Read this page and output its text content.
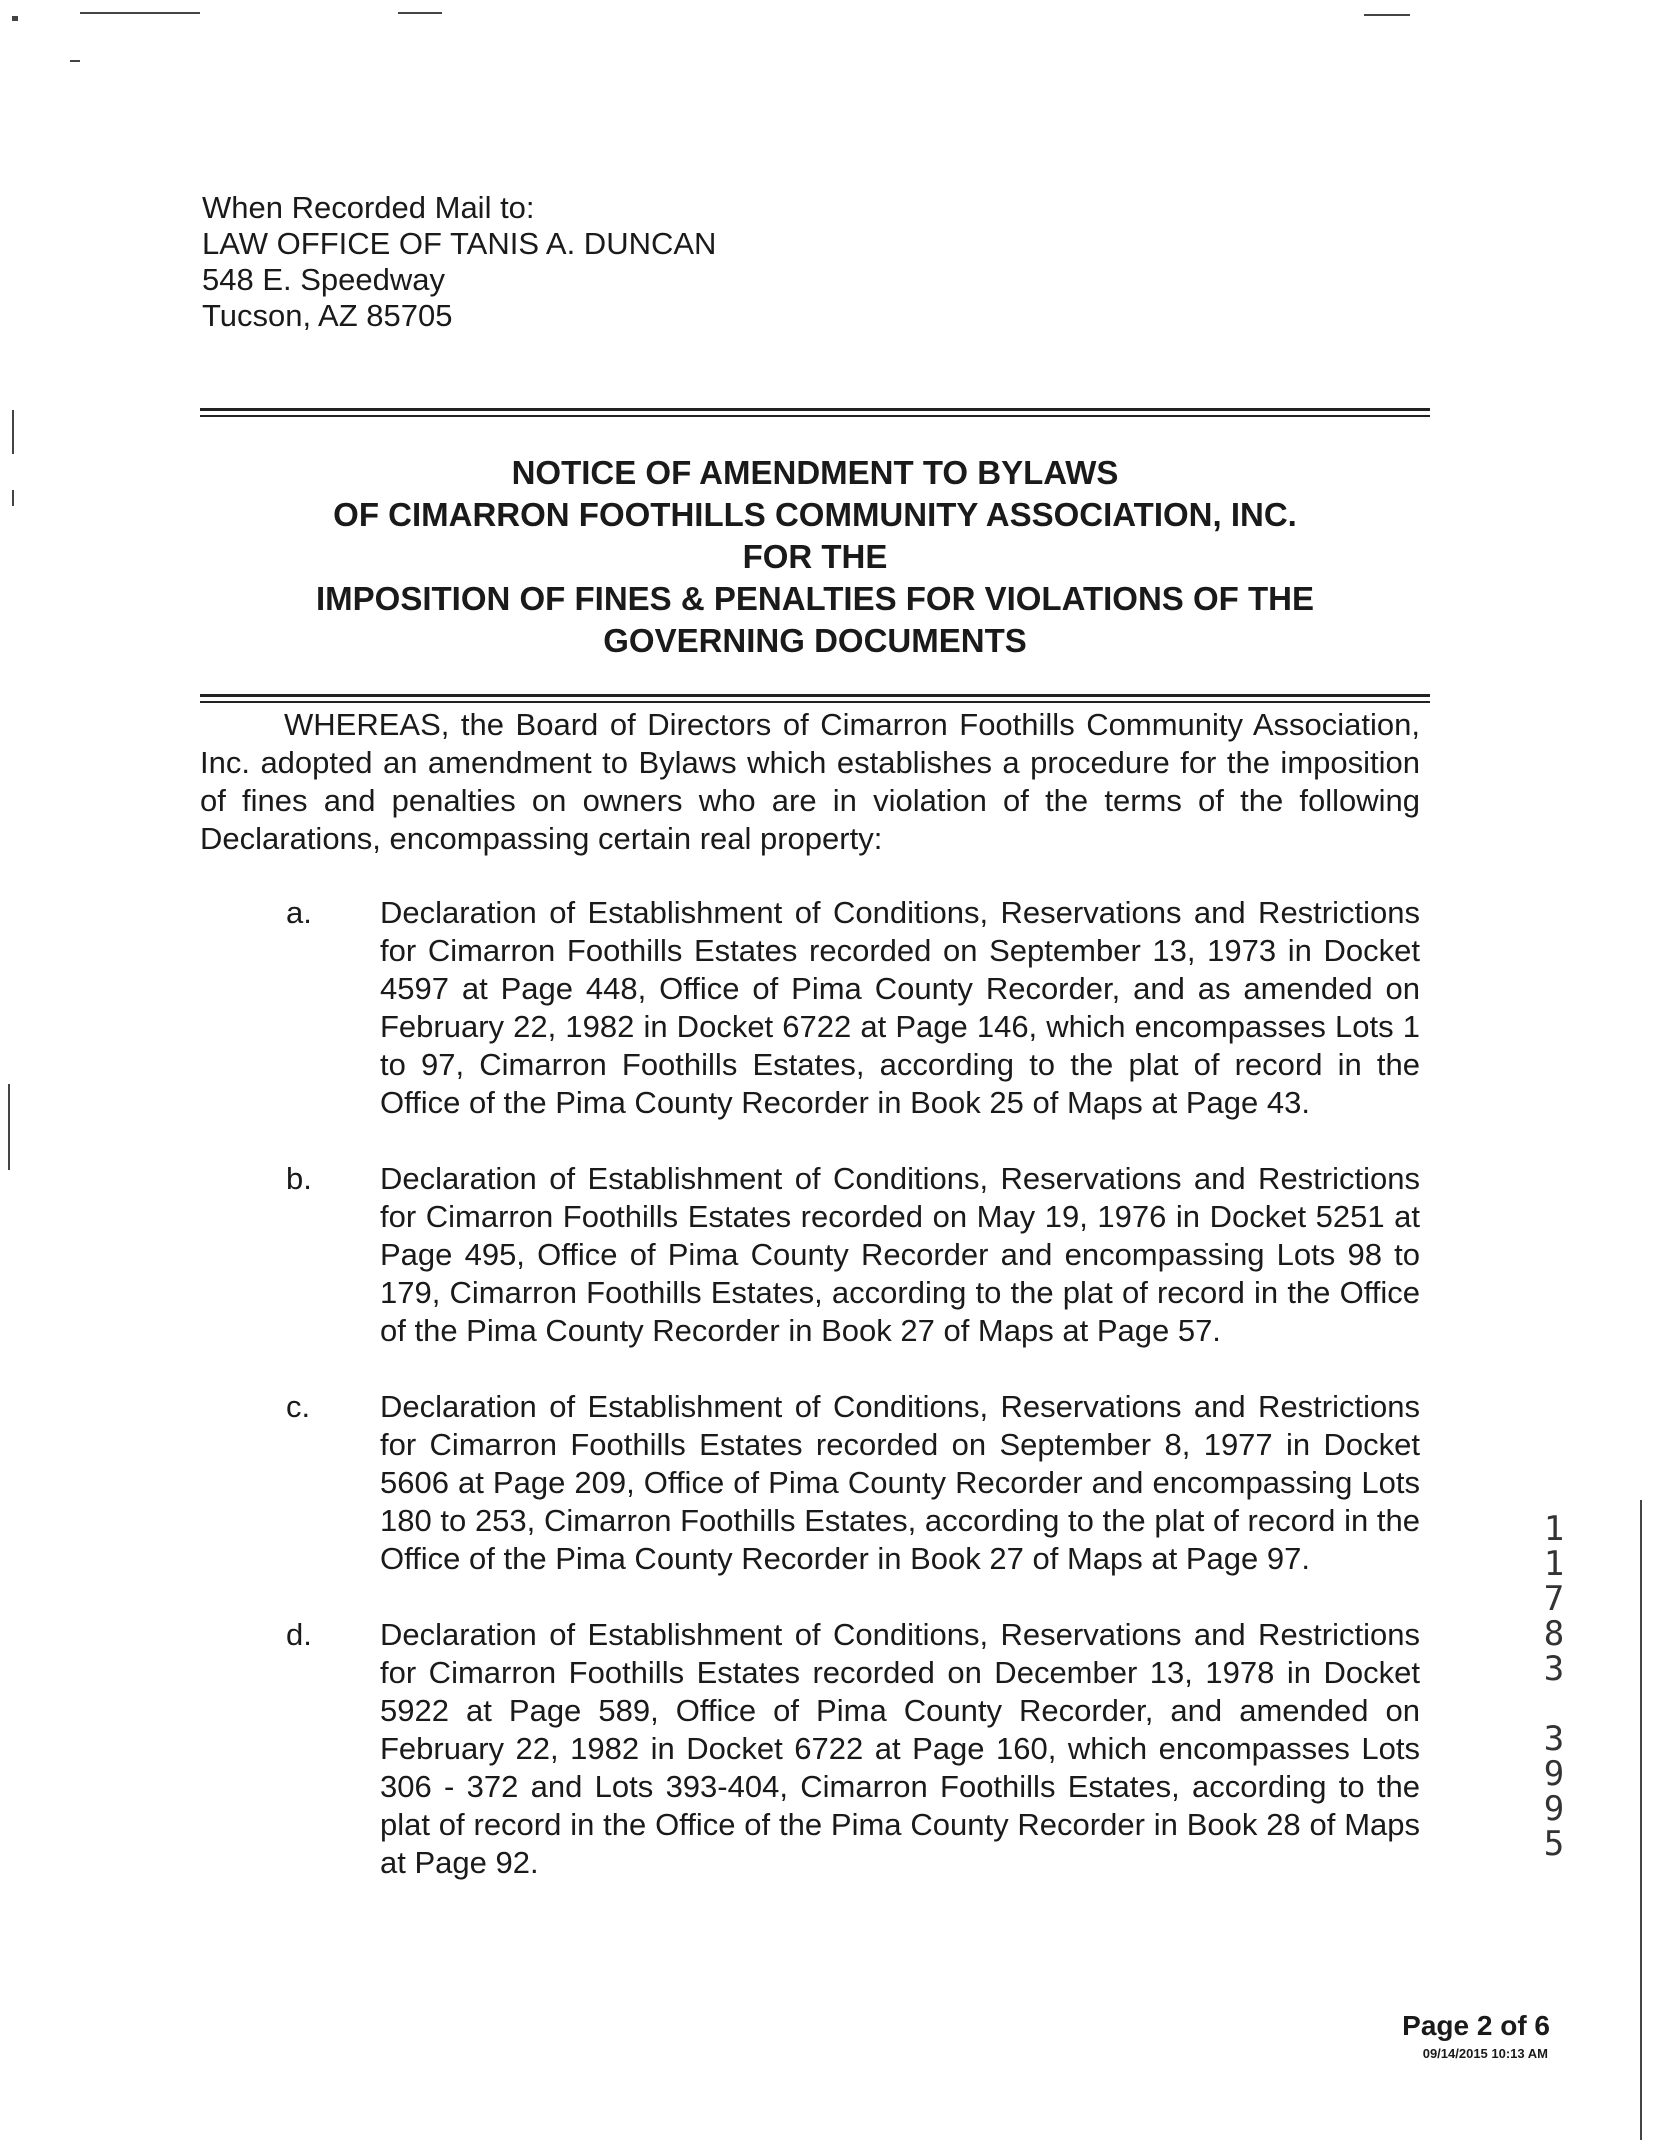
When Recorded Mail to:
LAW OFFICE OF TANIS A. DUNCAN
548 E. Speedway
Tucson, AZ 85705
NOTICE OF AMENDMENT TO BYLAWS
OF CIMARRON FOOTHILLS COMMUNITY ASSOCIATION, INC.
FOR THE
IMPOSITION OF FINES & PENALTIES FOR VIOLATIONS OF THE
GOVERNING DOCUMENTS
WHEREAS, the Board of Directors of Cimarron Foothills Community Association, Inc. adopted an amendment to Bylaws which establishes a procedure for the imposition of fines and penalties on owners who are in violation of the terms of the following Declarations, encompassing certain real property:
a.	Declaration of Establishment of Conditions, Reservations and Restrictions for Cimarron Foothills Estates recorded on September 13, 1973 in Docket 4597 at Page 448, Office of Pima County Recorder, and as amended on February 22, 1982 in Docket 6722 at Page 146, which encompasses Lots 1 to 97, Cimarron Foothills Estates, according to the plat of record in the Office of the Pima County Recorder in Book 25 of Maps at Page 43.
b.	Declaration of Establishment of Conditions, Reservations and Restrictions for Cimarron Foothills Estates recorded on May 19, 1976 in Docket 5251 at Page 495, Office of Pima County Recorder and encompassing Lots 98 to 179, Cimarron Foothills Estates, according to the plat of record in the Office of the Pima County Recorder in Book 27 of Maps at Page 57.
c.	Declaration of Establishment of Conditions, Reservations and Restrictions for Cimarron Foothills Estates recorded on September 8, 1977 in Docket 5606 at Page 209, Office of Pima County Recorder and encompassing Lots 180 to 253, Cimarron Foothills Estates, according to the plat of record in the Office of the Pima County Recorder in Book 27 of Maps at Page 97.
d.	Declaration of Establishment of Conditions, Reservations and Restrictions for Cimarron Foothills Estates recorded on December 13, 1978 in Docket 5922 at Page 589, Office of Pima County Recorder, and amended on February 22, 1982 in Docket 6722 at Page 160, which encompasses Lots 306 - 372 and Lots 393-404, Cimarron Foothills Estates, according to the plat of record in the Office of the Pima County Recorder in Book 28 of Maps at Page 92.
1
1
7
8
3
3
9
9
5
Page 2 of 6
09/14/2015 10:13 AM
